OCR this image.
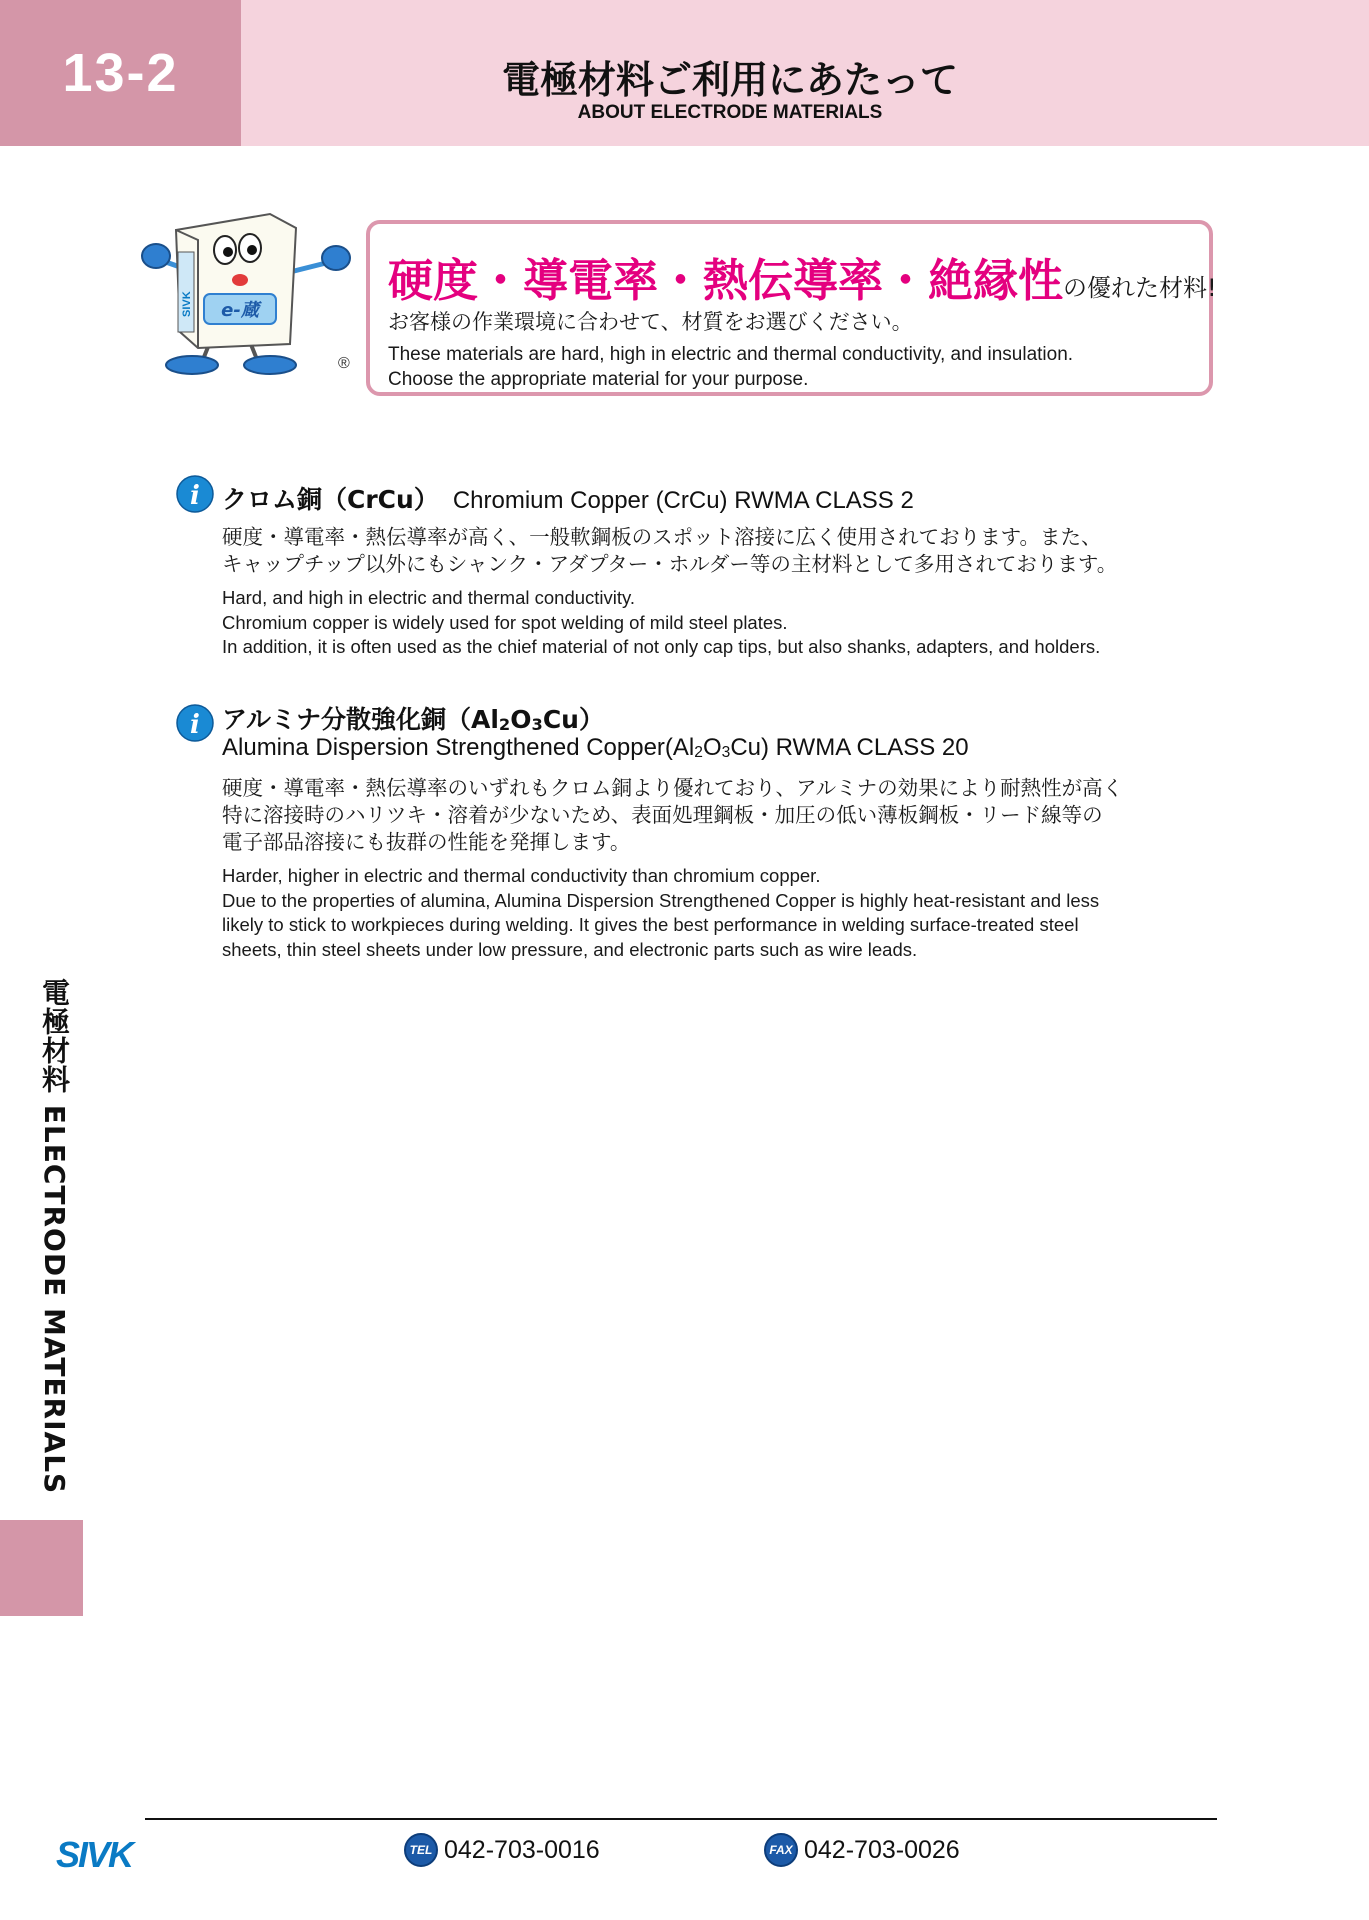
13-2	電極材料ご利用にあたって
ABOUT ELECTRODE MATERIALS
SIVK e-蔵
®
硬度・導電率・熱伝導率・絶縁性の優れた材料!
お客様の作業環境に合わせて、材質をお選びください。
These materials are hard, high in electric and thermal conductivity, and insulation.
Choose the appropriate material for your purpose.
i クロム銅（CrCu） Chromium Copper (CrCu) RWMA CLASS 2
硬度・導電率・熱伝導率が高く、一般軟鋼板のスポット溶接に広く使用されております。また、
キャップチップ以外にもシャンク・アダプター・ホルダー等の主材料として多用されております。
Hard, and high in electric and thermal conductivity.
Chromium copper is widely used for spot welding of mild steel plates.
In addition, it is often used as the chief material of not only cap tips, but also shanks, adapters, and holders.
i アルミナ分散強化銅$(Al_2O_3Cu)$
Alumina Dispersion Strengthened $Copper(Al_2O_3Cu)$ RWMA CLASS 20
硬度・導電率・熱伝導率のいずれもクロム銅より優れており、アルミナの効果により耐熱性が高く
特に溶接時のハリツキ・溶着が少ないため、表面処理鋼板・加圧の低い薄板鋼板・リード線等の
電子部品溶接にも抜群の性能を発揮します。
Harder, higher in electric and thermal conductivity than chromium copper.
Due to the properties of alumina, Alumina Dispersion Strengthened Copper is highly heat-resistant and less
likely to stick to workpieces during welding. It gives the best performance in welding surface-treated steel
sheets, thin steel sheets under low pressure, and electronic parts such as wire leads.
電極材料 ELECTRODE MATERIALS
SIVK	TEL 042-703-0016	FAX 042-703-0026
